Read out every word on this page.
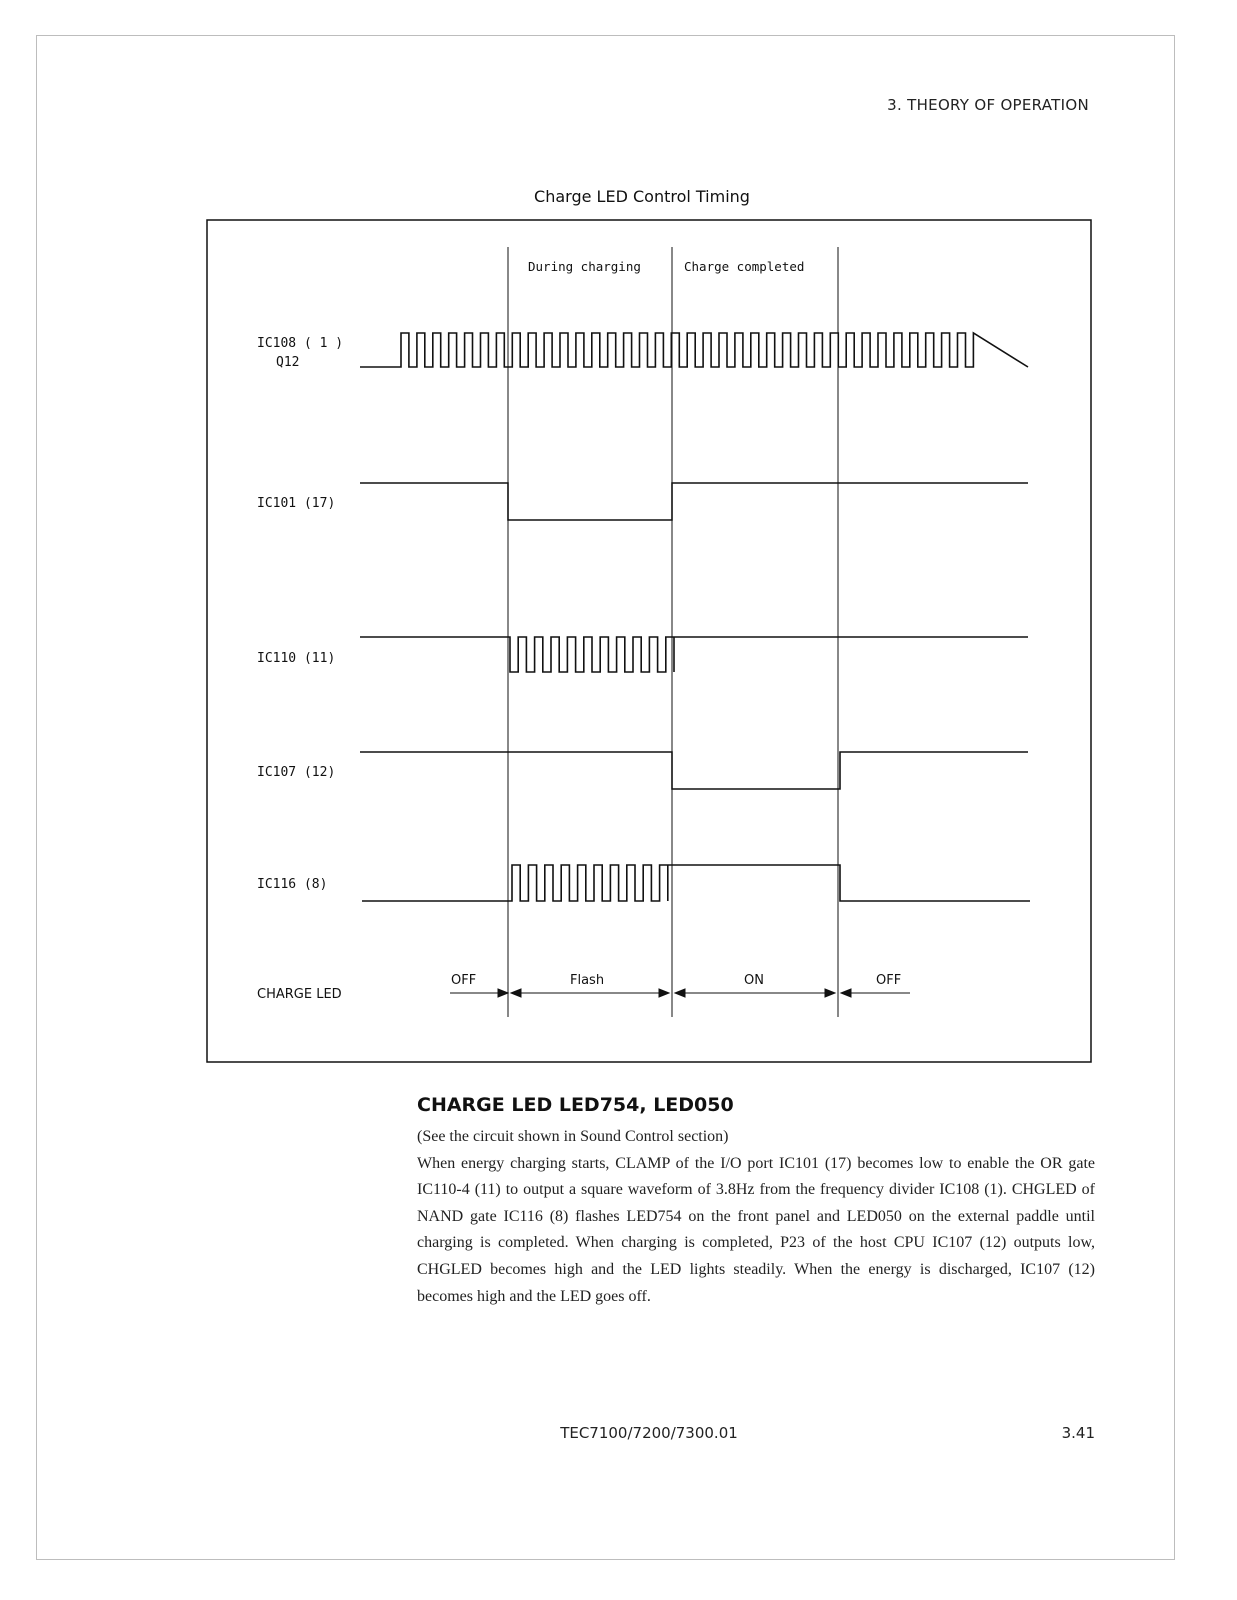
3. THEORY OF OPERATION
Charge LED Control Timing
During charging	Charge completed
IC108 ( 1 )
Q12
IC101 (17)
IC110 (11)
IC107 (12)
IC116 (8)
CHARGE LED
OFF	Flash	ON	OFF
CHARGE LED LED754, LED050

(See the circuit shown in Sound Control section)

When energy charging starts, CLAMP of the I/O port IC101 (17) becomes low to enable the OR gate IC110-4 (11) to output a square waveform of 3.8Hz from the frequency divider IC108 (1). CHGLED of NAND gate IC116 (8) flashes LED754 on the front panel and LED050 on the external paddle until charging is completed. When charging is completed, P23 of the host CPU IC107 (12) outputs low, CHGLED becomes high and the LED lights steadily. When the energy is discharged, IC107 (12) becomes high and the LED goes off.

TEC7100/7200/7300.01	3.41
